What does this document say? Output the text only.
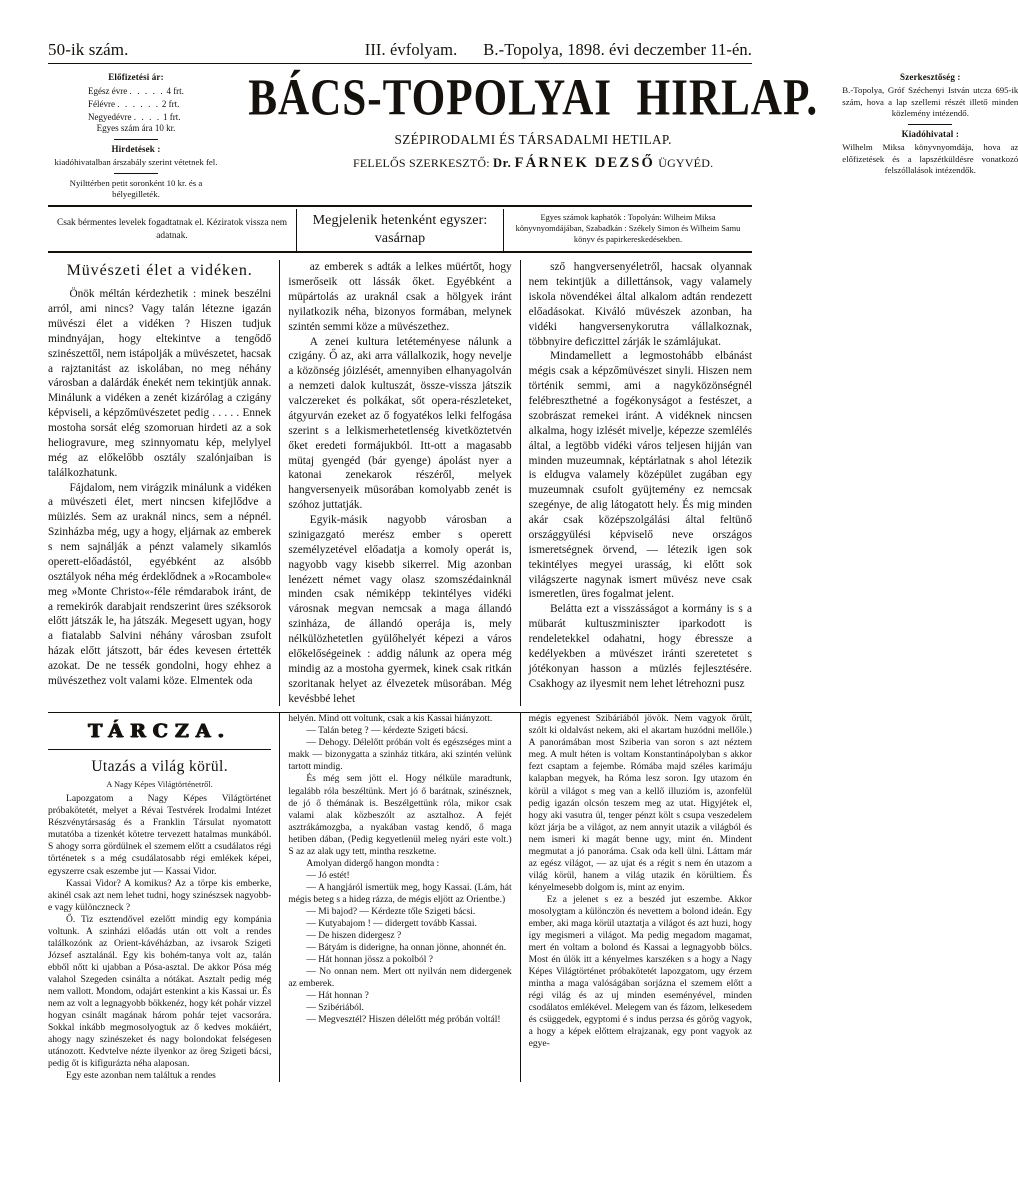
50-ik szám.	III. évfolyam. B.-Topolya, 1898. évi deczember 11-én.
Előfizetési ár:
Egész évre . . . . . 4 frt.
Félévre . . . . . . 2 frt.
Negyedévre . . . . 1 frt.
Egyes szám ára 10 kr.
Hirdetések :
kiadóhivatalban árszabály szerint vétetnek fel.
Nyilttérben petit soronként 10 kr. és a bélyegilleték.
BÁCS-TOPOLYAI HIRLAP.
SZÉPIRODALMI ÉS TÁRSADALMI HETILAP.
FELELŐS SZERKESZTŐ: Dr. FÁRNEK DEZSŐ ÜGYVÉD.
Szerkesztőség :
B.-Topolya, Gróf Széchenyi István utcza 695-ik szám, hova a lap szellemi részét illető minden közlemény intézendő.
Kiadóhivatal :
Wilhelm Miksa könyvnyomdája, hova az előfizetések és a lapszétküldésre vonatkozó felszóllalások intézendők.
Csak bérmentes levelek fogadtatnak el. Kéziratok vissza nem adatnak.
Megjelenik hetenként egyszer:
vasárnap
Egyes számok kaphatók : Topolyán: Wilheim Miksa könyvnyomdájában, Szabadkán : Székely Simon és Wilheim Samu könyv és papirkereskedésekben.

Müvészeti élet a vidéken.

Önök méltán kérdezhetik : minek beszélni arról, ami nincs? Vagy talán létezne igazán müvészi élet a vidéken ? Hiszen tudjuk mindnyájan, hogy eltekintve a tengődő szinészettől, nem istápolják a müvészetet, hacsak a rajztanitást az iskolában, no meg néhány városban a dalárdák énekét nem tekintjük annak. Minálunk a vidéken a zenét kizárólag a czigány képviseli, a képzőmüvészetet pedig . . . . . Ennek mostoha sorsát elég szomoruan hirdeti az a sok heliogravure, meg szinnyomatu kép, melylyel még az előkelőbb osztály szalónjaiban is találkozhatunk.

Fájdalom, nem virágzik minálunk a vidéken a müvészeti élet, mert nincsen kifejlődve a müizlés. Sem az uraknál nincs, sem a népnél. Szinházba még, ugy a hogy, eljárnak az emberek s nem sajnálják a pénzt valamely sikamlós operett-előadástól, egyébként az alsóbb osztályok néha még érdeklődnek a »Rocambole« meg »Monte Christo«-féle rémdarabok iránt, de a remekirók darabjait rendszerint üres széksorok előtt játszák le, ha játszák. Megesett ugyan, hogy a fiatalabb Salvini néhány városban zsufolt házak előtt játszott, bár édes kevesen értették azokat. De ne tessék gondolni, hogy ehhez a müvészethez volt valami köze. Elmentek oda

az emberek s adták a lelkes müértőt, hogy ismerőseik ott lássák őket. Egyébként a müpártolás az uraknál csak a hölgyek iránt nyilatkozik néha, bizonyos formában, melynek szintén semmi köze a müvészethez.

A zenei kultura letéteményese nálunk a czigány. Ő az, aki arra vállalkozik, hogy nevelje a közönség jóizlését, amennyiben elhanyagolván a nemzeti dalok kultuszát, össze-vissza játszik valczereket és polkákat, sőt opera-részleteket, átgyurván ezeket az ő fogyatékos lelki felfogása szerint s a lelkismerhetetlenség kivetköztetvén őket eredeti formájukból. Itt-ott a magasabb mütaj gyengéd (bár gyenge) ápolást nyer a katonai zenekarok részéről, melyek hangversenyeik müsorában komolyabb zenét is szóhoz juttatják.

Egyik-másik nagyobb városban a szinigazgató merész ember s operett személyzetével előadatja a komoly operát is, nagyobb vagy kisebb sikerrel. Mig azonban lenézett német vagy olasz szomszédainknál minden csak némiképp tekintélyes vidéki városnak megvan nemcsak a maga állandó szinháza, de állandó operája is, mely nélkülözhetetlen gyülőhelyét képezi a város előkelőségeinek : addig nálunk az opera még mindig az a mostoha gyermek, kinek csak ritkán szoritanak helyet az élvezetek müsorában. Még kevésbbé lehet

sző hangversenyéletről, hacsak olyannak nem tekintjük a dillettánsok, vagy valamely iskola növendékei által alkalom adtán rendezett előadásokat. Kiváló müvészek azonban, ha vidéki hangversenykorutra vállalkoznak, többnyire deficzittel zárják le számlájukat.

Mindamellett a legmostohább elbánást mégis csak a képzőmüvészet sinyli. Hiszen nem történik semmi, ami a nagyközönségnél felébreszthetné a fogékonyságot a festészet, a szobrászat remekei iránt. A vidéknek nincsen alkalma, hogy izlését mivelje, képezze szemlélés által, a legtöbb vidéki város teljesen hijján van minden muzeumnak, képtárlatnak s ahol létezik is eldugva valamely középület zugában egy muzeumnak csufolt gyüjtemény ez nemcsak szegénye, de alig látogatott hely. És mig minden akár csak középszolgálási által feltünő országgyülési képviselő neve országos ismeretségnek örvend, — létezik igen sok tekintélyes megyei urasság, ki előtt sok világszerte nagynak ismert müvész neve csak ismeretlen, üres fogalmat jelent.

Belátta ezt a visszásságot a kormány is s a mübarát kultuszminiszter iparkodott is rendeletekkel odahatni, hogy ébressze a kedélyekben a müvészet iránti szeretetet s jótékonyan hasson a müzlés fejlesztésére. Csakhogy az ilyesmit nem lehet létrehozni pusz

TÁRCZA.

Utazás a világ körül.

A Nagy Képes Világtörténetről.

Lapozgatom a Nagy Képes Világtörténet próbakötetét, melyet a Révai Testvérek Irodalmi Intézet Részvénytársaság és a Franklin Társulat nyomatott mutatóba a tizenkét kötetre tervezett hatalmas munkából. S ahogy sorra gördülnek el szemem előtt a csudálatos régi történetek s a még csudálatosabb régi emlékek képei, egyszerre csak eszembe jut — Kassai Vidor.

Kassai Vidor? A komikus? Az a törpe kis emberke, akinél csak azt nem lehet tudni, hogy szinészsek nagyobb-e vagy különczneck ?

Ő. Tiz esztendővel ezelőtt mindig egy kompánia voltunk. A szinházi előadás után ott volt a rendes találkozónk az Orient-kávéházban, az ivsarok Szigeti József asztalánál. Egy kis bohém-tanya volt az, talán ebből nőtt ki ujabban a Pósa-asztal. De akkor Pósa még valahol Szegeden csinálta a nótákat. Asztalt pedig még nem vallott. Mondom, odajárt estenkint a kis Kassai ur. És nem az volt a legnagyobb bökkenéz, hogy két pohár vizzel hogyan csinált magának három pohár tejet vacsorára. Sokkal inkább megmosolyogtuk az ő kedves mokáiért, ahogy nagy szinészeket és nagy bolondokat felségesen utánozott. Kedvtelve nézte ilyenkor az öreg Szigeti bácsi, pedig őt is kifigurázta néha alaposan.

Egy este azonban nem találtuk a rendes

helyén. Mind ott voltunk, csak a kis Kassai hiányzott.

— Talán beteg ? — kérdezte Szigeti bácsi.

— Dehogy. Délelőtt próbán volt és egészséges mint a makk — bizonygatta a szinház titkára, aki szintén velünk tartott mindig.

És még sem jött el. Hogy nélküle maradtunk, legalább róla beszéltünk. Mert jó ő barátnak, szinésznek, de jó ő thémának is. Beszélgettünk róla, mikor csak valami alak közbeszólt az asztalhoz. A fejét asztrákámozgba, a nyakában vastag kendő, ő maga hetiben dában, (Pedig kegyetlenül meleg nyári este volt.) S az az alak ugy tett, mintha reszketne.

Amolyan didergő hangon mondta :

— Jó estét!

— A hangjáról ismertük meg, hogy Kassai. (Lám, hát mégis beteg s a hideg rázza, de mégis eljött az Orientbe.)

— Mi bajod? — Kérdezte tőle Szigeti bácsi.

— Kutyabajom ! — didergett tovább Kassai.

— De hiszen didergesz ?

— Bátyám is diderigne, ha onnan jönne, ahonnét én.

— Hát honnan jössz a pokolból ?

— No onnan nem. Mert ott nyilván nem didergenek az emberek.

— Hát honnan ?

— Szibériából.

— Megvesztél? Hiszen délelőtt még próbán voltál!

mégis egyenest Szibáriából jövök. Nem vagyok őrült, szólt ki oldalvást nekem, aki el akartam huzódni mellőle.) A panorámában most Sziberia van soron s azt néztem meg. A mult héten is voltam Konstantinápolyban s akkor fezt csaptam a fejembe. Rómába majd széles karimáju kalapban megyek, ha Róma lesz soron. Igy utazom én körül a világot s meg van a kellő illuzióm is, azonfelül pedig igazán olcsón teszem meg az utat. Higyjétek el, hogy aki vasutra ül, tenger pénzt költ s csupa veszedelem közt járja be a világot, az nem annyit utazik a világból és nem ismeri ki magát benne ugy, mint én. Mindent megmutat a jó panoráma. Csak oda kell ülni. Láttam már az egész világot, — az ujat és a régit s nem én utazom a világ körül, hanem a világ utazik én körültiem. És kényelmesebb dolgom is, mint az enyim.

Ez a jelenet s ez a beszéd jut eszembe. Akkor mosolygtam a különczön és nevettem a bolond ideán. Egy ember, aki maga körül utaztatja a világot és azt huzi, hogy igy megismeri a világot. Ma pedig megadom magamat, mert én voltam a bolond és Kassai a legnagyobb bölcs. Most én ülök itt a kényelmes karszéken s a hogy a Nagy Képes Világtörténet próbakötetét lapozgatom, ugy érzem mintha a maga valóságában sorjázna el szemem előtt a régi világ és az uj minden eseményével, minden csodálatos emlékével. Melegem van és fázom, lelkesedem és csüggedek, egyptomi é s indus perzsa és görög vagyok, a hogy a képek előttem elrajzanak, egy pont vagyok az egye-
